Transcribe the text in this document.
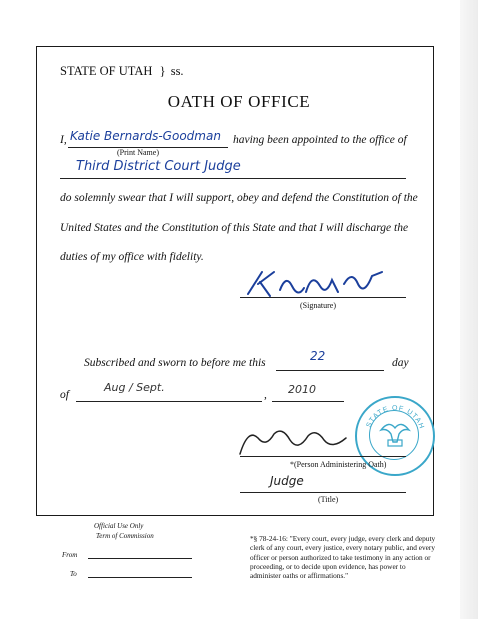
STATE OF UTAH } ss.
OATH OF OFFICE
I, Katie Bernards-Goodman
(Print Name)
having been appointed to the office of
Third District Court Judge
do solemnly swear that I will support, obey and defend the Constitution of the
United States and the Constitution of this State and that I will discharge the
duties of my office with fidelity.
(Signature)
Subscribed and sworn to before me this	22	day
of
Aug / Sept.
, 2010
STATE OF UTAH
*(Person Administering Oath)
Judge
(Title)
Official Use Only
Term of Commission
From
To
*§ 78-24-16: "Every court, every judge, every clerk and deputy clerk of any court, every justice, every notary public, and every officer or person authorized to take testimony in any action or proceeding, or to decide upon evidence, has power to administer oaths or affirmations."
